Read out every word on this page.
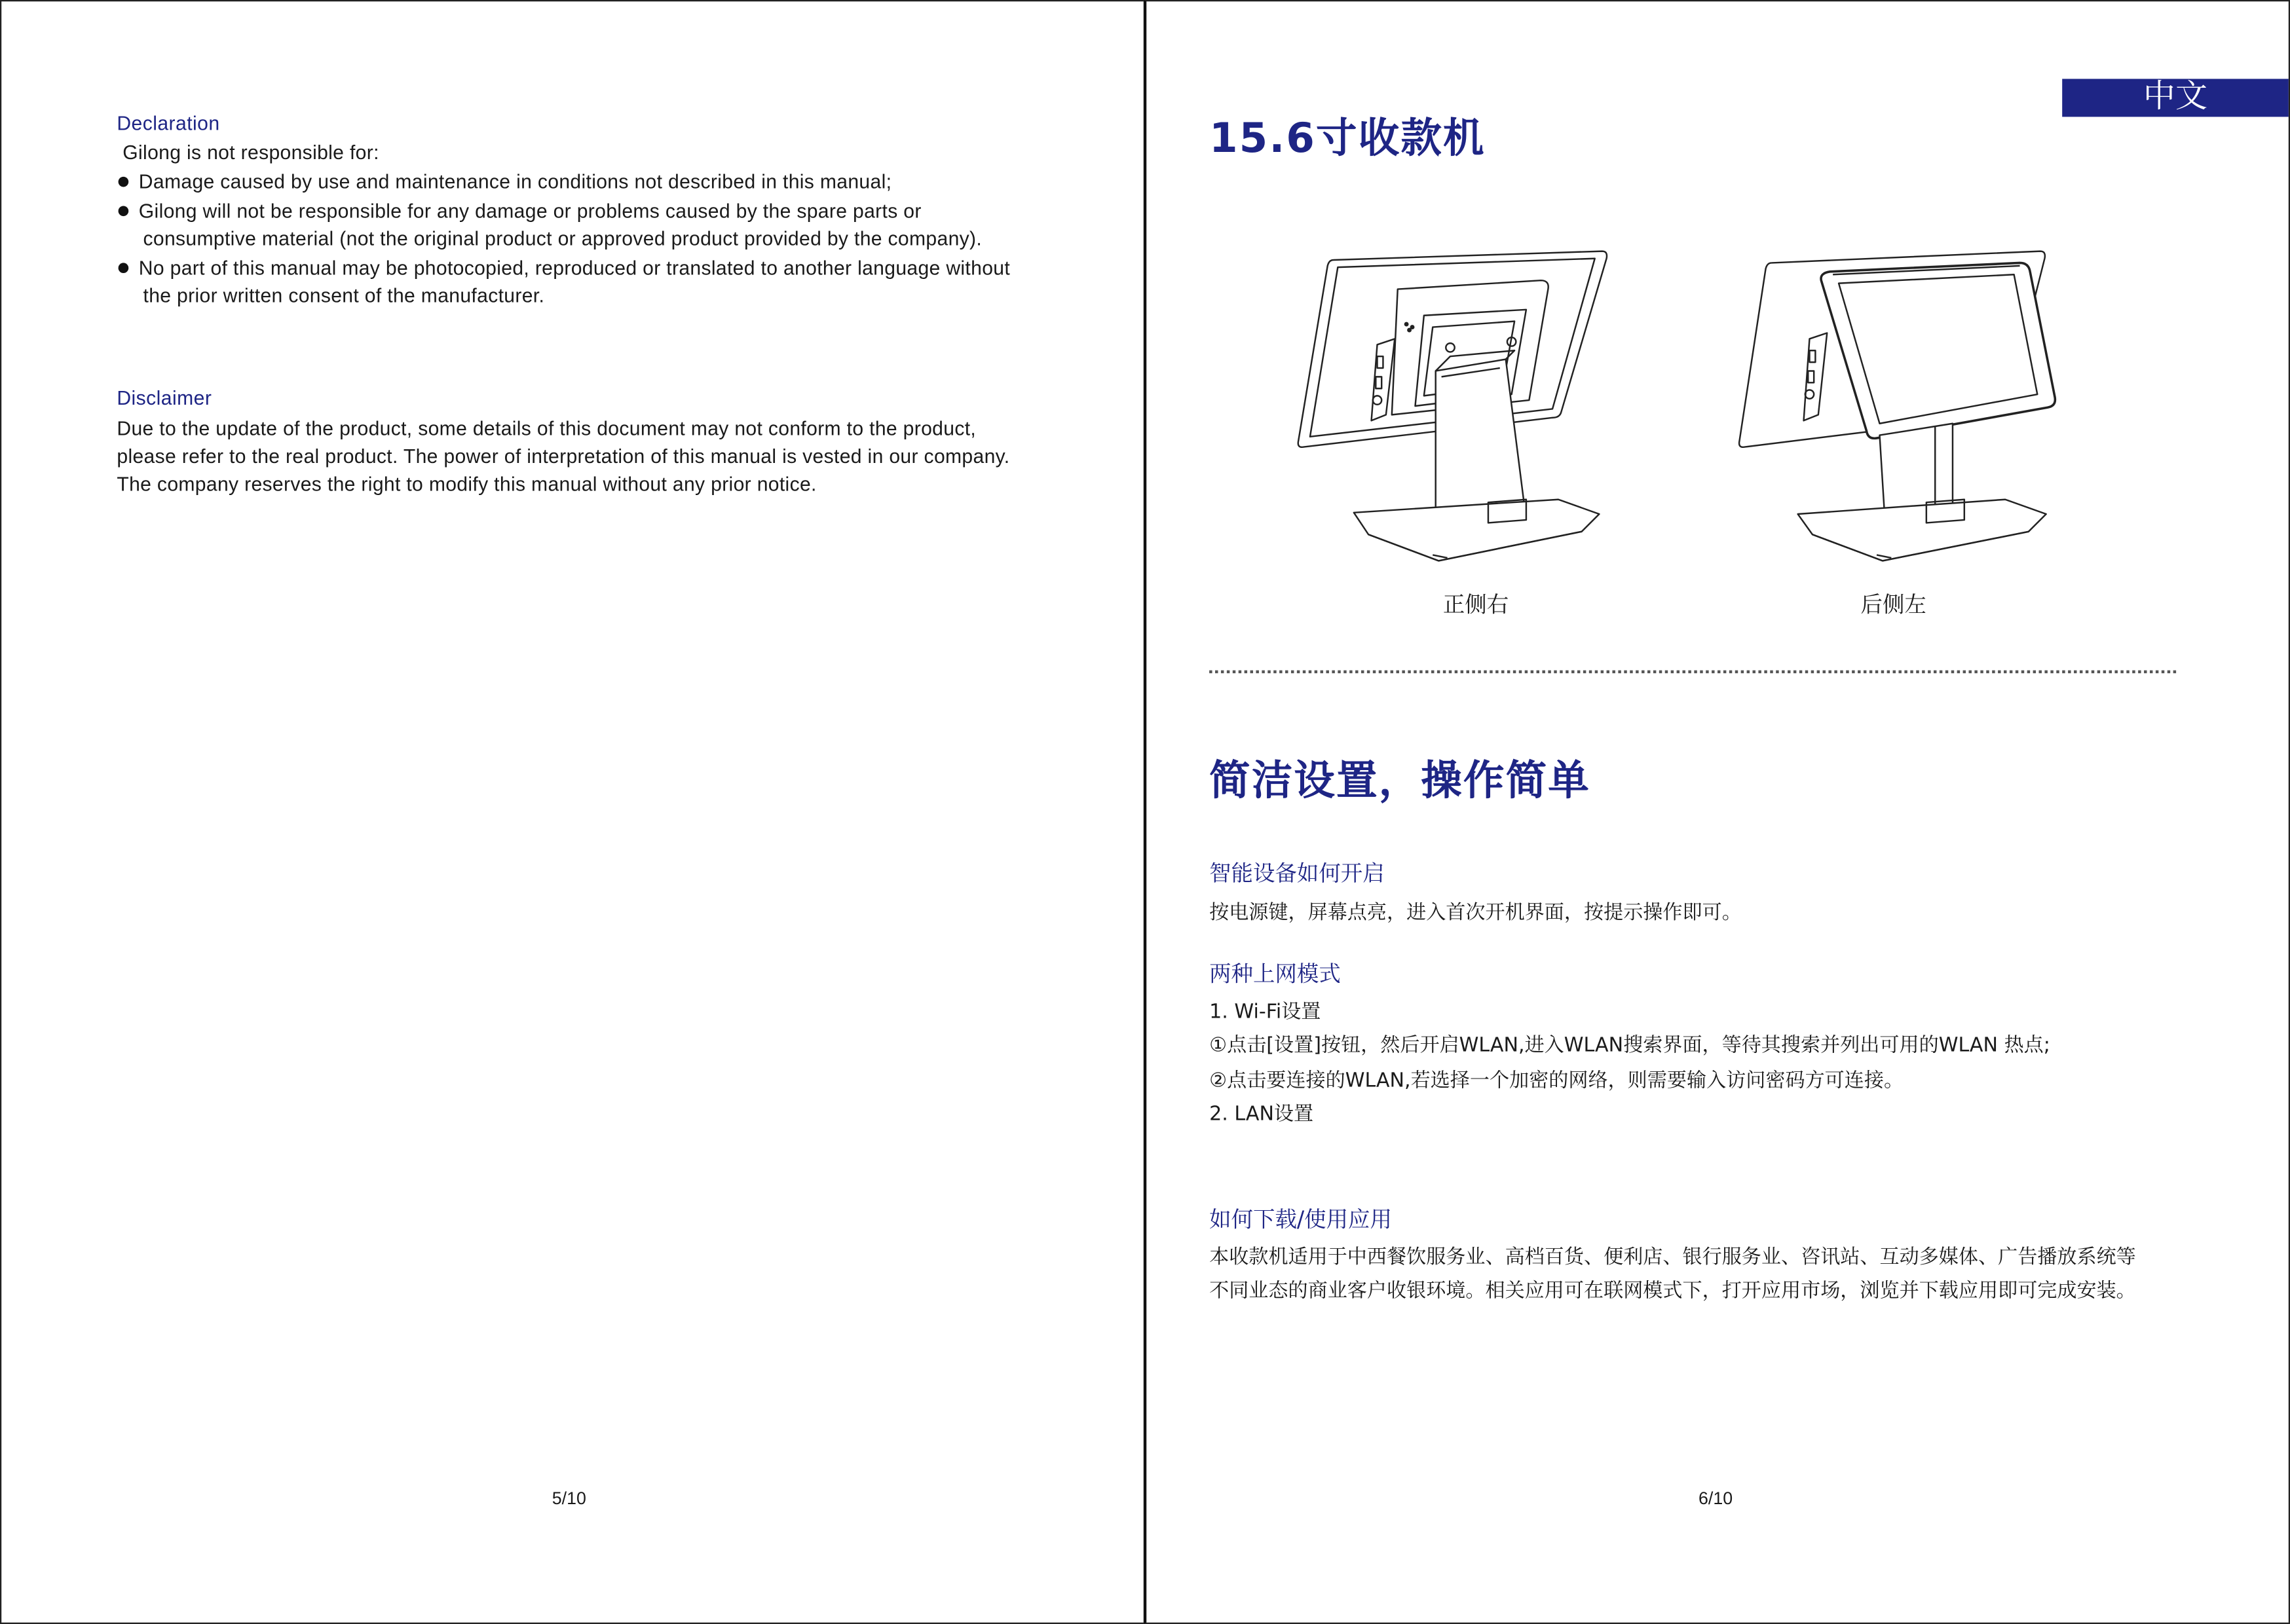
Declaration
Gilong is not responsible for:
Damage caused by use and maintenance in conditions not described in this manual;
Gilong will not be responsible for any damage or problems caused by the spare parts or
consumptive material (not the original product or approved product provided by the company).
No part of this manual may be photocopied, reproduced or translated to another language without
the prior written consent of the manufacturer.
Disclaimer
Due to the update of the product, some details of this document may not conform to the product,
please refer to the real product. The power of interpretation of this manual is vested in our company.
The company reserves the right to modify this manual without any prior notice.
5/10
中文
15.6寸收款机
正侧右	后侧左
简洁设置，操作简单
智能设备如何开启
按电源键，屏幕点亮，进入首次开机界面，按提示操作即可。
两种上网模式
1. Wi-Fi设置
①点击[设置]按钮，然后开启WLAN,进入WLAN搜索界面，等待其搜索并列出可用的WLAN 热点;
②点击要连接的WLAN,若选择一个加密的网络，则需要输入访问密码方可连接。
2. LAN设置
如何下载/使用应用
本收款机适用于中西餐饮服务业、高档百货、便利店、银行服务业、咨讯站、互动多媒体、广告播放系统等
不同业态的商业客户收银环境。相关应用可在联网模式下，打开应用市场，浏览并下载应用即可完成安装。
6/10
